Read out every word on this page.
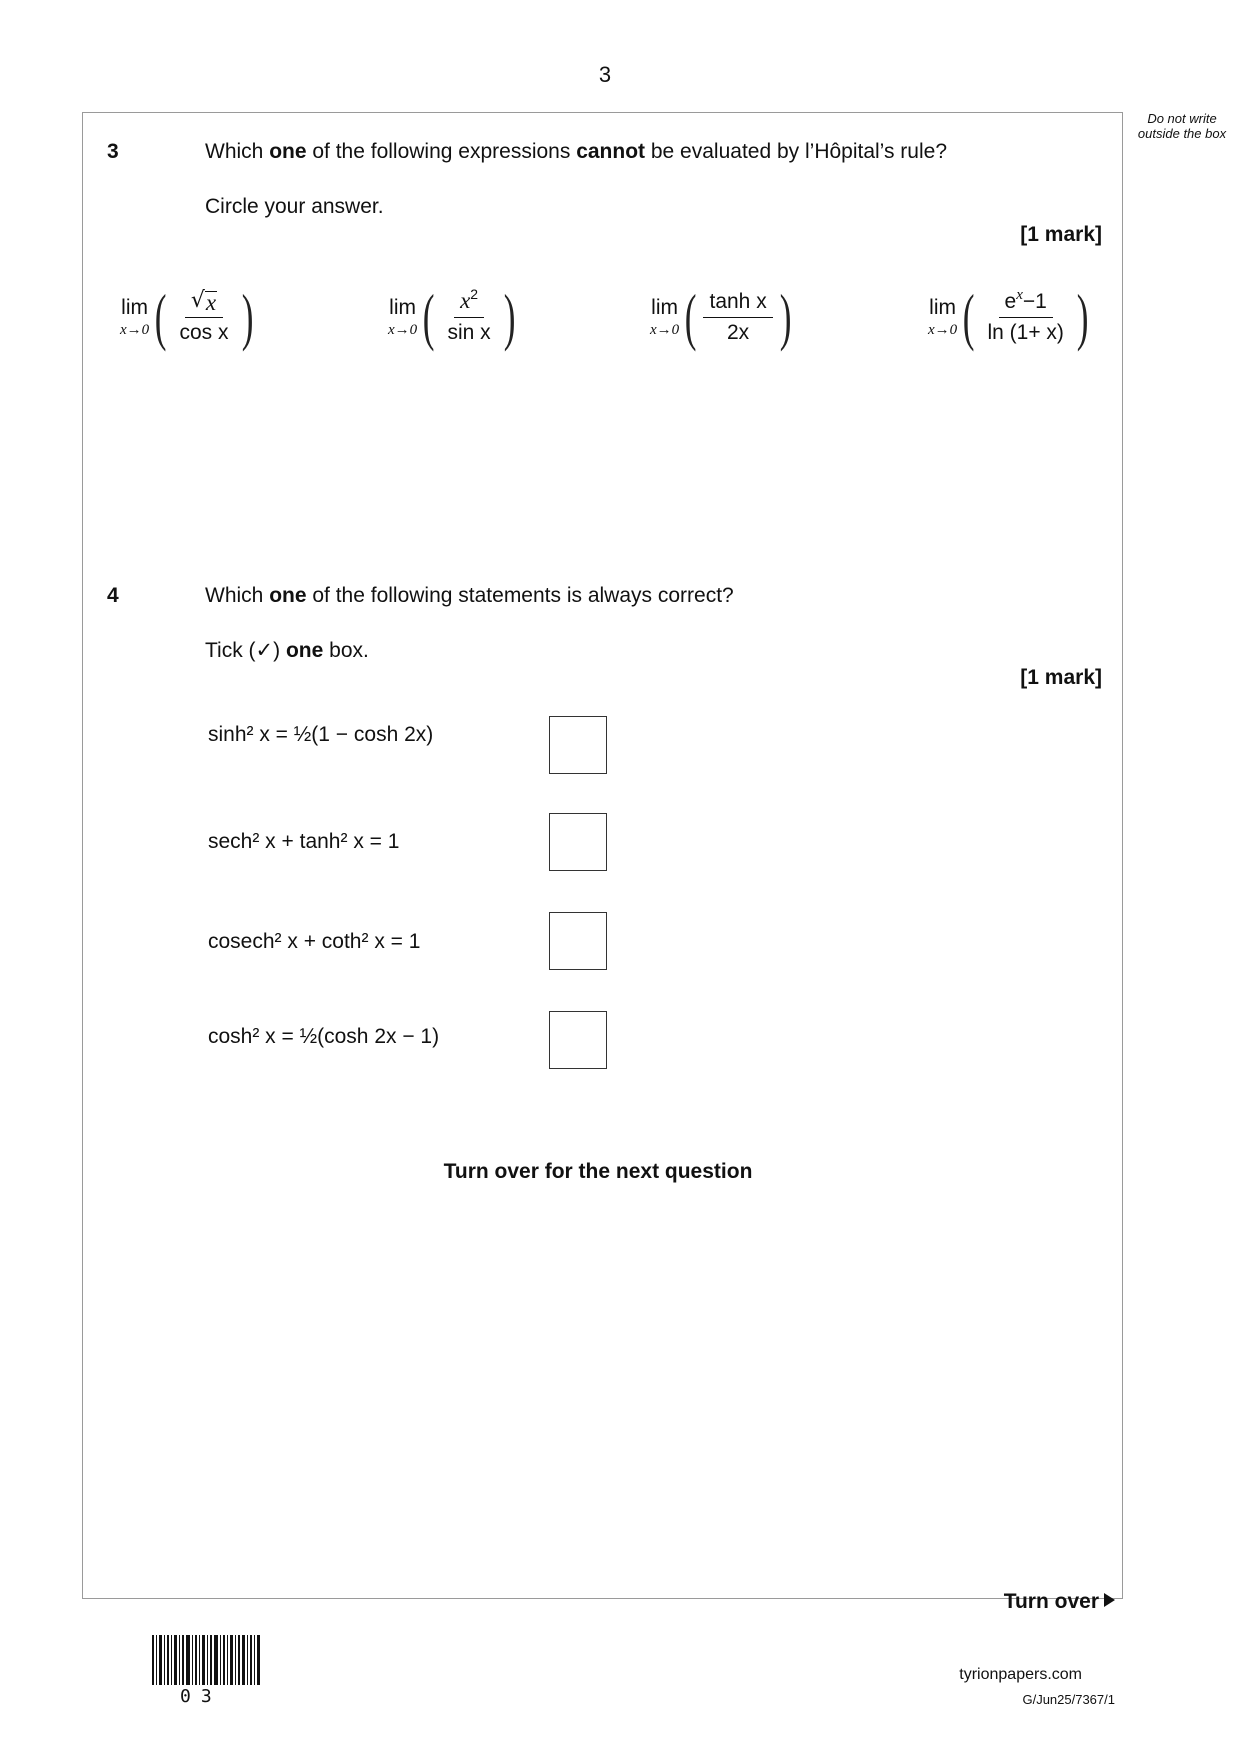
3
Do not write outside the box
3	Which one of the following expressions cannot be evaluated by l’Hôpital’s rule?
Circle your answer.
[1 mark]
lim
x→0 ( $\frac{√ x}{\text{cos x}}$ )	lim
x→0 ( $\frac{x^2}{\text{sin x}}$ )	lim
x→0 ( $\frac{\text{tanh x}}{2x}$ )	lim
x→0 ( $\frac{e^x-1}{\ln (1+ x)}$ )
4	Which one of the following statements is always correct?
Tick (✓) one box.
[1 mark]
sinh² x = ½(1 − cosh 2x)
sech² x + tanh² x = 1
cosech² x + coth² x = 1
cosh² x = ½(cosh 2x − 1)
Turn over for the next question
Turn over
03
tyrionpapers.com
G/Jun25/7367/1
